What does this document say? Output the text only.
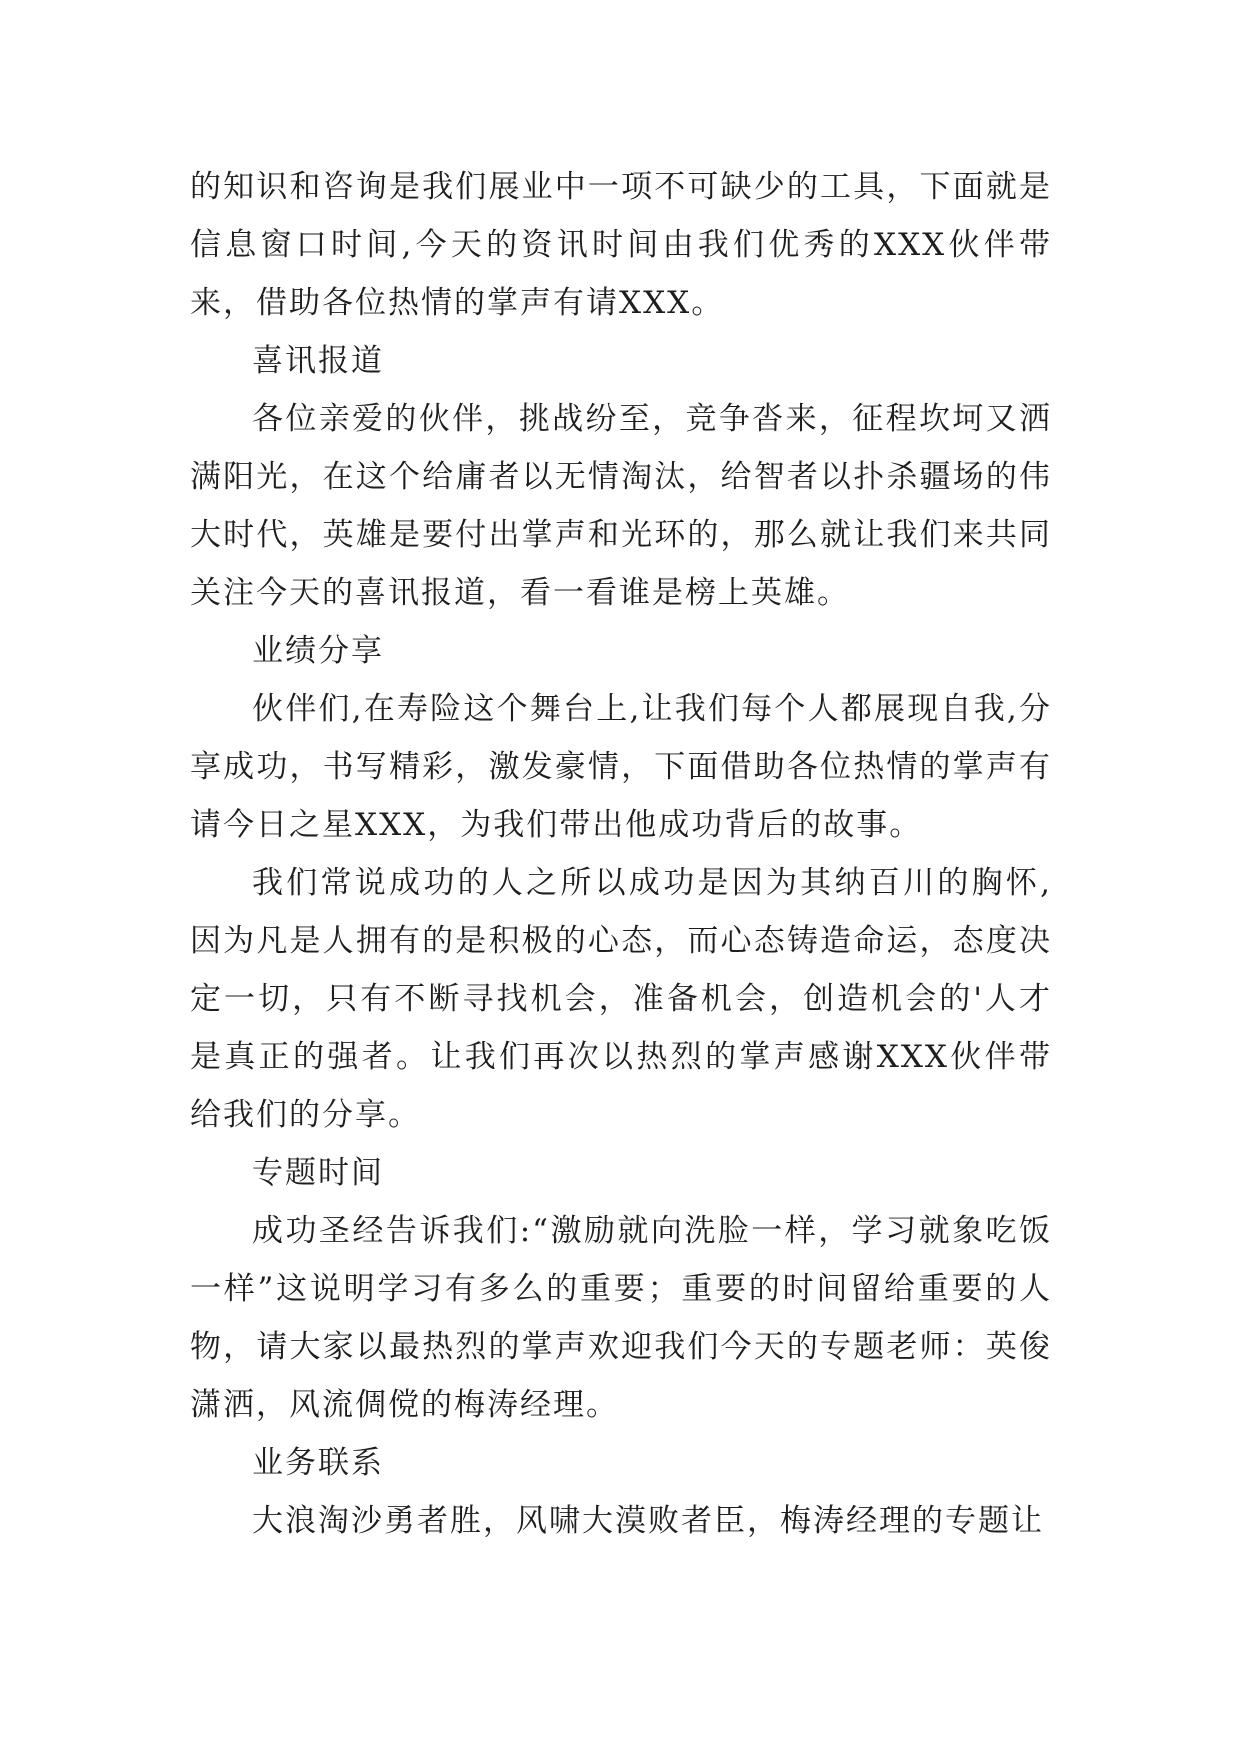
的知识和咨询是我们展业中一项不可缺少的工具，下面就是信息窗口时间,今天的资讯时间由我们优秀的XXX伙伴带来，借助各位热情的掌声有请XXX。

喜讯报道

各位亲爱的伙伴，挑战纷至，竞争沓来，征程坎坷又洒满阳光，在这个给庸者以无情淘汰，给智者以扑杀疆场的伟大时代，英雄是要付出掌声和光环的，那么就让我们来共同关注今天的喜讯报道，看一看谁是榜上英雄。

业绩分享

伙伴们,在寿险这个舞台上,让我们每个人都展现自我,分享成功，书写精彩，激发豪情，下面借助各位热情的掌声有请今日之星XXX，为我们带出他成功背后的故事。

我们常说成功的人之所以成功是因为其纳百川的胸怀,因为凡是人拥有的是积极的心态，而心态铸造命运，态度决定一切，只有不断寻找机会，准备机会，创造机会的'人才是真正的强者。让我们再次以热烈的掌声感谢XXX伙伴带给我们的分享。

专题时间

成功圣经告诉我们:“激励就向洗脸一样，学习就象吃饭一样”这说明学习有多么的重要；重要的时间留给重要的人物，请大家以最热烈的掌声欢迎我们今天的专题老师：英俊潇洒，风流倜傥的梅涛经理。

业务联系

大浪淘沙勇者胜，风啸大漠败者臣，梅涛经理的专题让
